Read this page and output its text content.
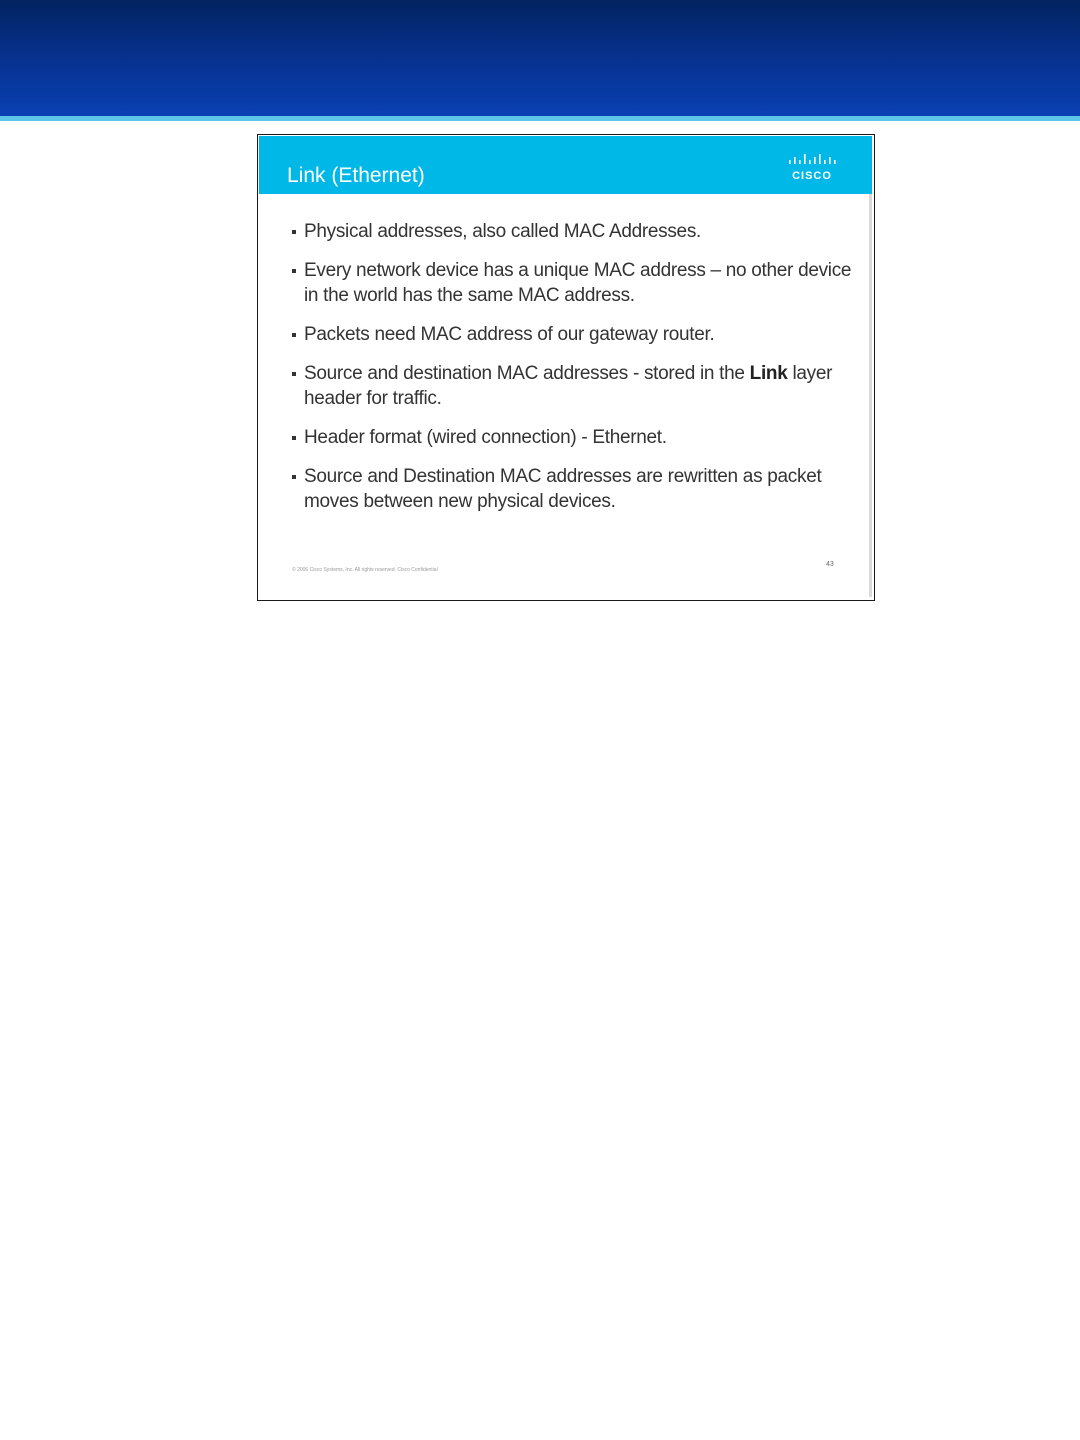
Link (Ethernet)	CISCO
Physical addresses, also called MAC Addresses.
Every network device has a unique MAC address – no other device in the world has the same MAC address.
Packets need MAC address of our gateway router.
Source and destination MAC addresses - stored in the Link layer header for traffic.
Header format (wired connection) - Ethernet.
Source and Destination MAC addresses are rewritten as packet moves between new physical devices.
© 2006 Cisco Systems, Inc. All rights reserved. Cisco Confidential
43
